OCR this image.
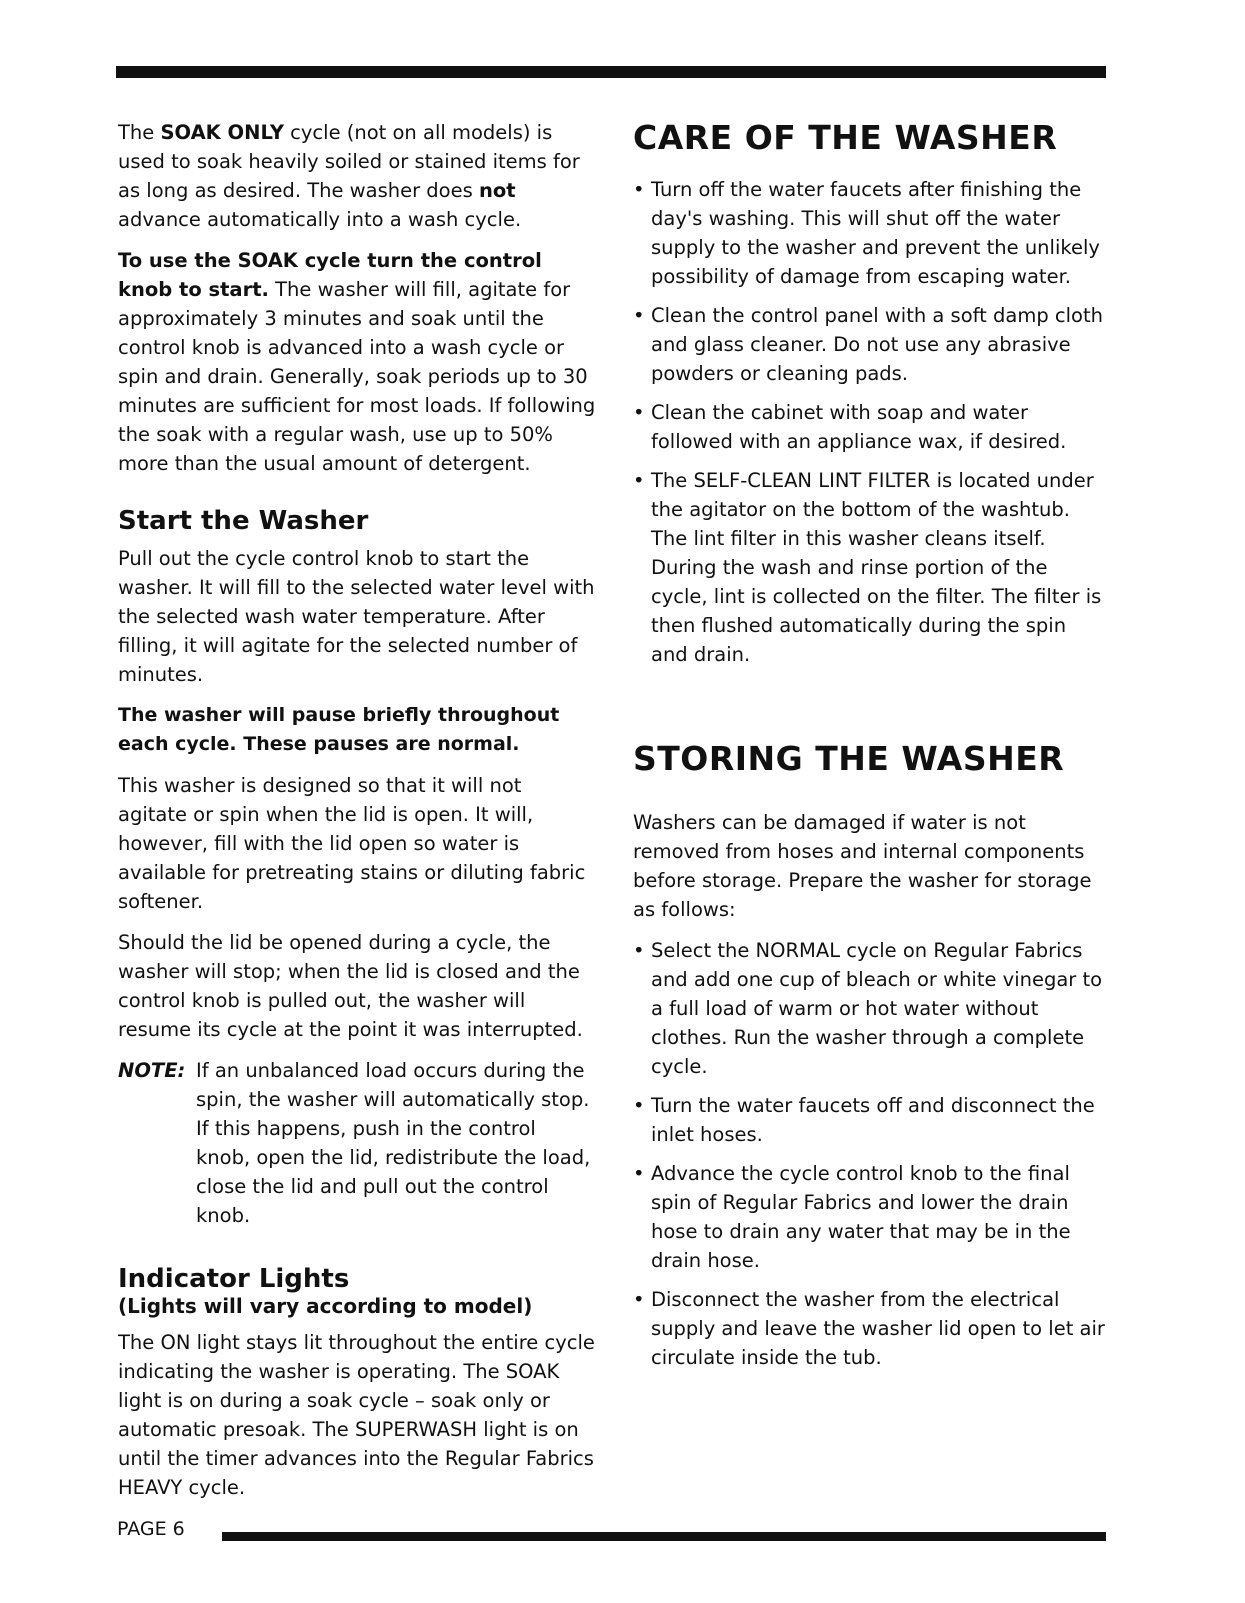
The SOAK ONLY cycle (not on all models) is used to soak heavily soiled or stained items for as long as desired. The washer does not advance automatically into a wash cycle.

To use the SOAK cycle turn the control knob to start. The washer will fill, agitate for approximately 3 minutes and soak until the control knob is advanced into a wash cycle or spin and drain. Generally, soak periods up to 30 minutes are sufficient for most loads. If following the soak with a regular wash, use up to 50% more than the usual amount of detergent.

Start the Washer

Pull out the cycle control knob to start the washer. It will fill to the selected water level with the selected wash water temperature. After filling, it will agitate for the selected number of minutes.

The washer will pause briefly throughout each cycle. These pauses are normal.

This washer is designed so that it will not agitate or spin when the lid is open. It will, however, fill with the lid open so water is available for pretreating stains or diluting fabric softener.

Should the lid be opened during a cycle, the washer will stop; when the lid is closed and the control knob is pulled out, the washer will resume its cycle at the point it was interrupted.

NOTE: If an unbalanced load occurs during the spin, the washer will automatically stop. If this happens, push in the control knob, open the lid, redistribute the load, close the lid and pull out the control knob.
Indicator Lights
(Lights will vary according to model)

The ON light stays lit throughout the entire cycle indicating the washer is operating. The SOAK light is on during a soak cycle – soak only or automatic presoak. The SUPERWASH light is on until the timer advances into the Regular Fabrics HEAVY cycle.

CARE OF THE WASHER
• Turn off the water faucets after finishing the day's washing. This will shut off the water supply to the washer and prevent the unlikely possibility of damage from escaping water.
• Clean the control panel with a soft damp cloth and glass cleaner. Do not use any abrasive powders or cleaning pads.
• Clean the cabinet with soap and water followed with an appliance wax, if desired.
• The SELF-CLEAN LINT FILTER is located under the agitator on the bottom of the washtub. The lint filter in this washer cleans itself. During the wash and rinse portion of the cycle, lint is collected on the filter. The filter is then flushed automatically during the spin and drain.
STORING THE WASHER

Washers can be damaged if water is not removed from hoses and internal components before storage. Prepare the washer for storage as follows:

• Select the NORMAL cycle on Regular Fabrics and add one cup of bleach or white vinegar to a full load of warm or hot water without clothes. Run the washer through a complete cycle.
• Turn the water faucets off and disconnect the inlet hoses.
• Advance the cycle control knob to the final spin of Regular Fabrics and lower the drain hose to drain any water that may be in the drain hose.
• Disconnect the washer from the electrical supply and leave the washer lid open to let air circulate inside the tub.
PAGE 6
